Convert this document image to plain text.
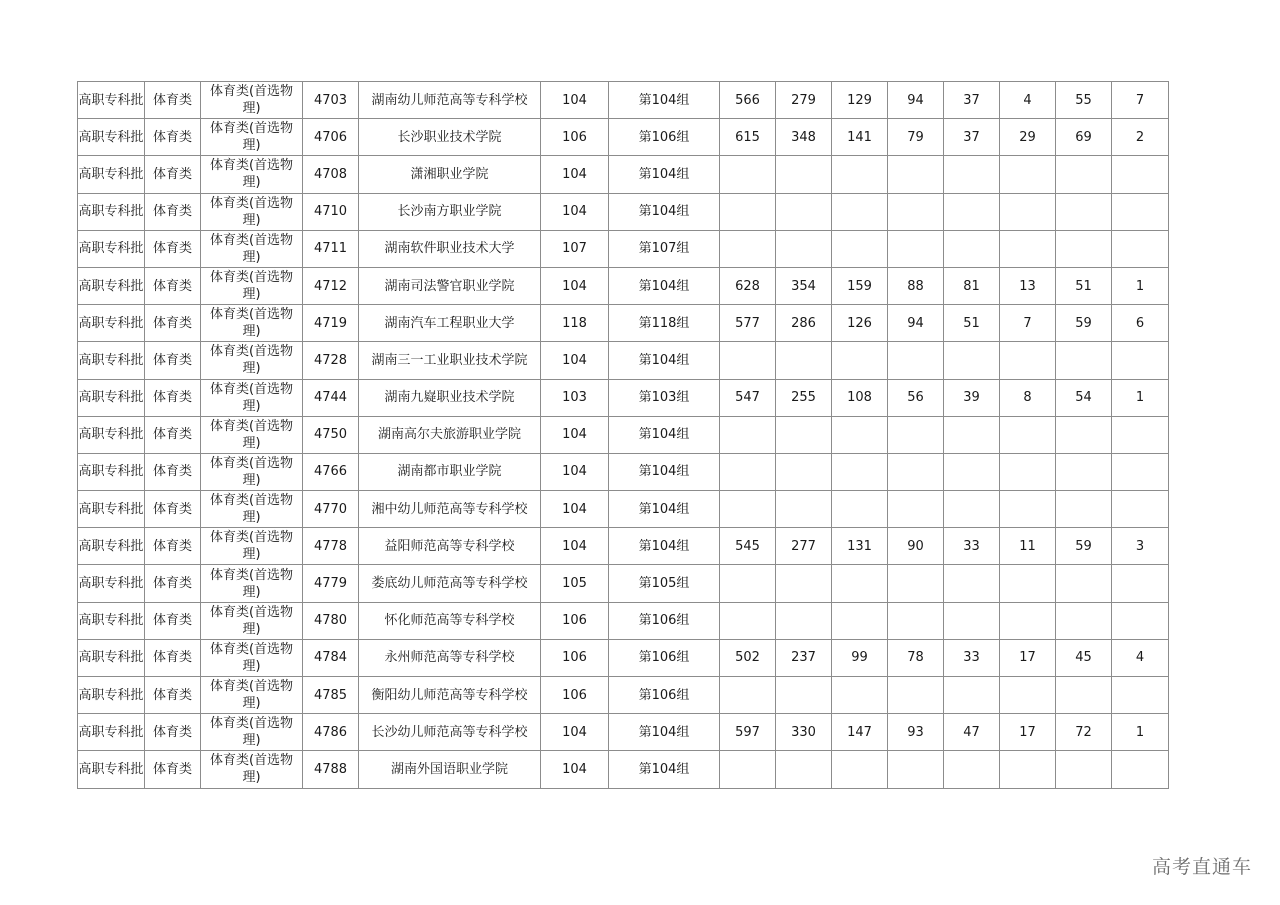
高职专科批	体育类	体育类(首选物理)	4703	湖南幼儿师范高等专科学校	104	第104组	566	279	129	94	37	4	55	7
高职专科批	体育类	体育类(首选物理)	4706	长沙职业技术学院	106	第106组	615	348	141	79	37	29	69	2
高职专科批	体育类	体育类(首选物理)	4708	潇湘职业学院	104	第104组								
高职专科批	体育类	体育类(首选物理)	4710	长沙南方职业学院	104	第104组								
高职专科批	体育类	体育类(首选物理)	4711	湖南软件职业技术大学	107	第107组								
高职专科批	体育类	体育类(首选物理)	4712	湖南司法警官职业学院	104	第104组	628	354	159	88	81	13	51	1
高职专科批	体育类	体育类(首选物理)	4719	湖南汽车工程职业大学	118	第118组	577	286	126	94	51	7	59	6
高职专科批	体育类	体育类(首选物理)	4728	湖南三一工业职业技术学院	104	第104组								
高职专科批	体育类	体育类(首选物理)	4744	湖南九嶷职业技术学院	103	第103组	547	255	108	56	39	8	54	1
高职专科批	体育类	体育类(首选物理)	4750	湖南高尔夫旅游职业学院	104	第104组								
高职专科批	体育类	体育类(首选物理)	4766	湖南都市职业学院	104	第104组								
高职专科批	体育类	体育类(首选物理)	4770	湘中幼儿师范高等专科学校	104	第104组								
高职专科批	体育类	体育类(首选物理)	4778	益阳师范高等专科学校	104	第104组	545	277	131	90	33	11	59	3
高职专科批	体育类	体育类(首选物理)	4779	娄底幼儿师范高等专科学校	105	第105组								
高职专科批	体育类	体育类(首选物理)	4780	怀化师范高等专科学校	106	第106组								
高职专科批	体育类	体育类(首选物理)	4784	永州师范高等专科学校	106	第106组	502	237	99	78	33	17	45	4
高职专科批	体育类	体育类(首选物理)	4785	衡阳幼儿师范高等专科学校	106	第106组								
高职专科批	体育类	体育类(首选物理)	4786	长沙幼儿师范高等专科学校	104	第104组	597	330	147	93	47	17	72	1
高职专科批	体育类	体育类(首选物理)	4788	湖南外国语职业学院	104	第104组								
高考直通车
